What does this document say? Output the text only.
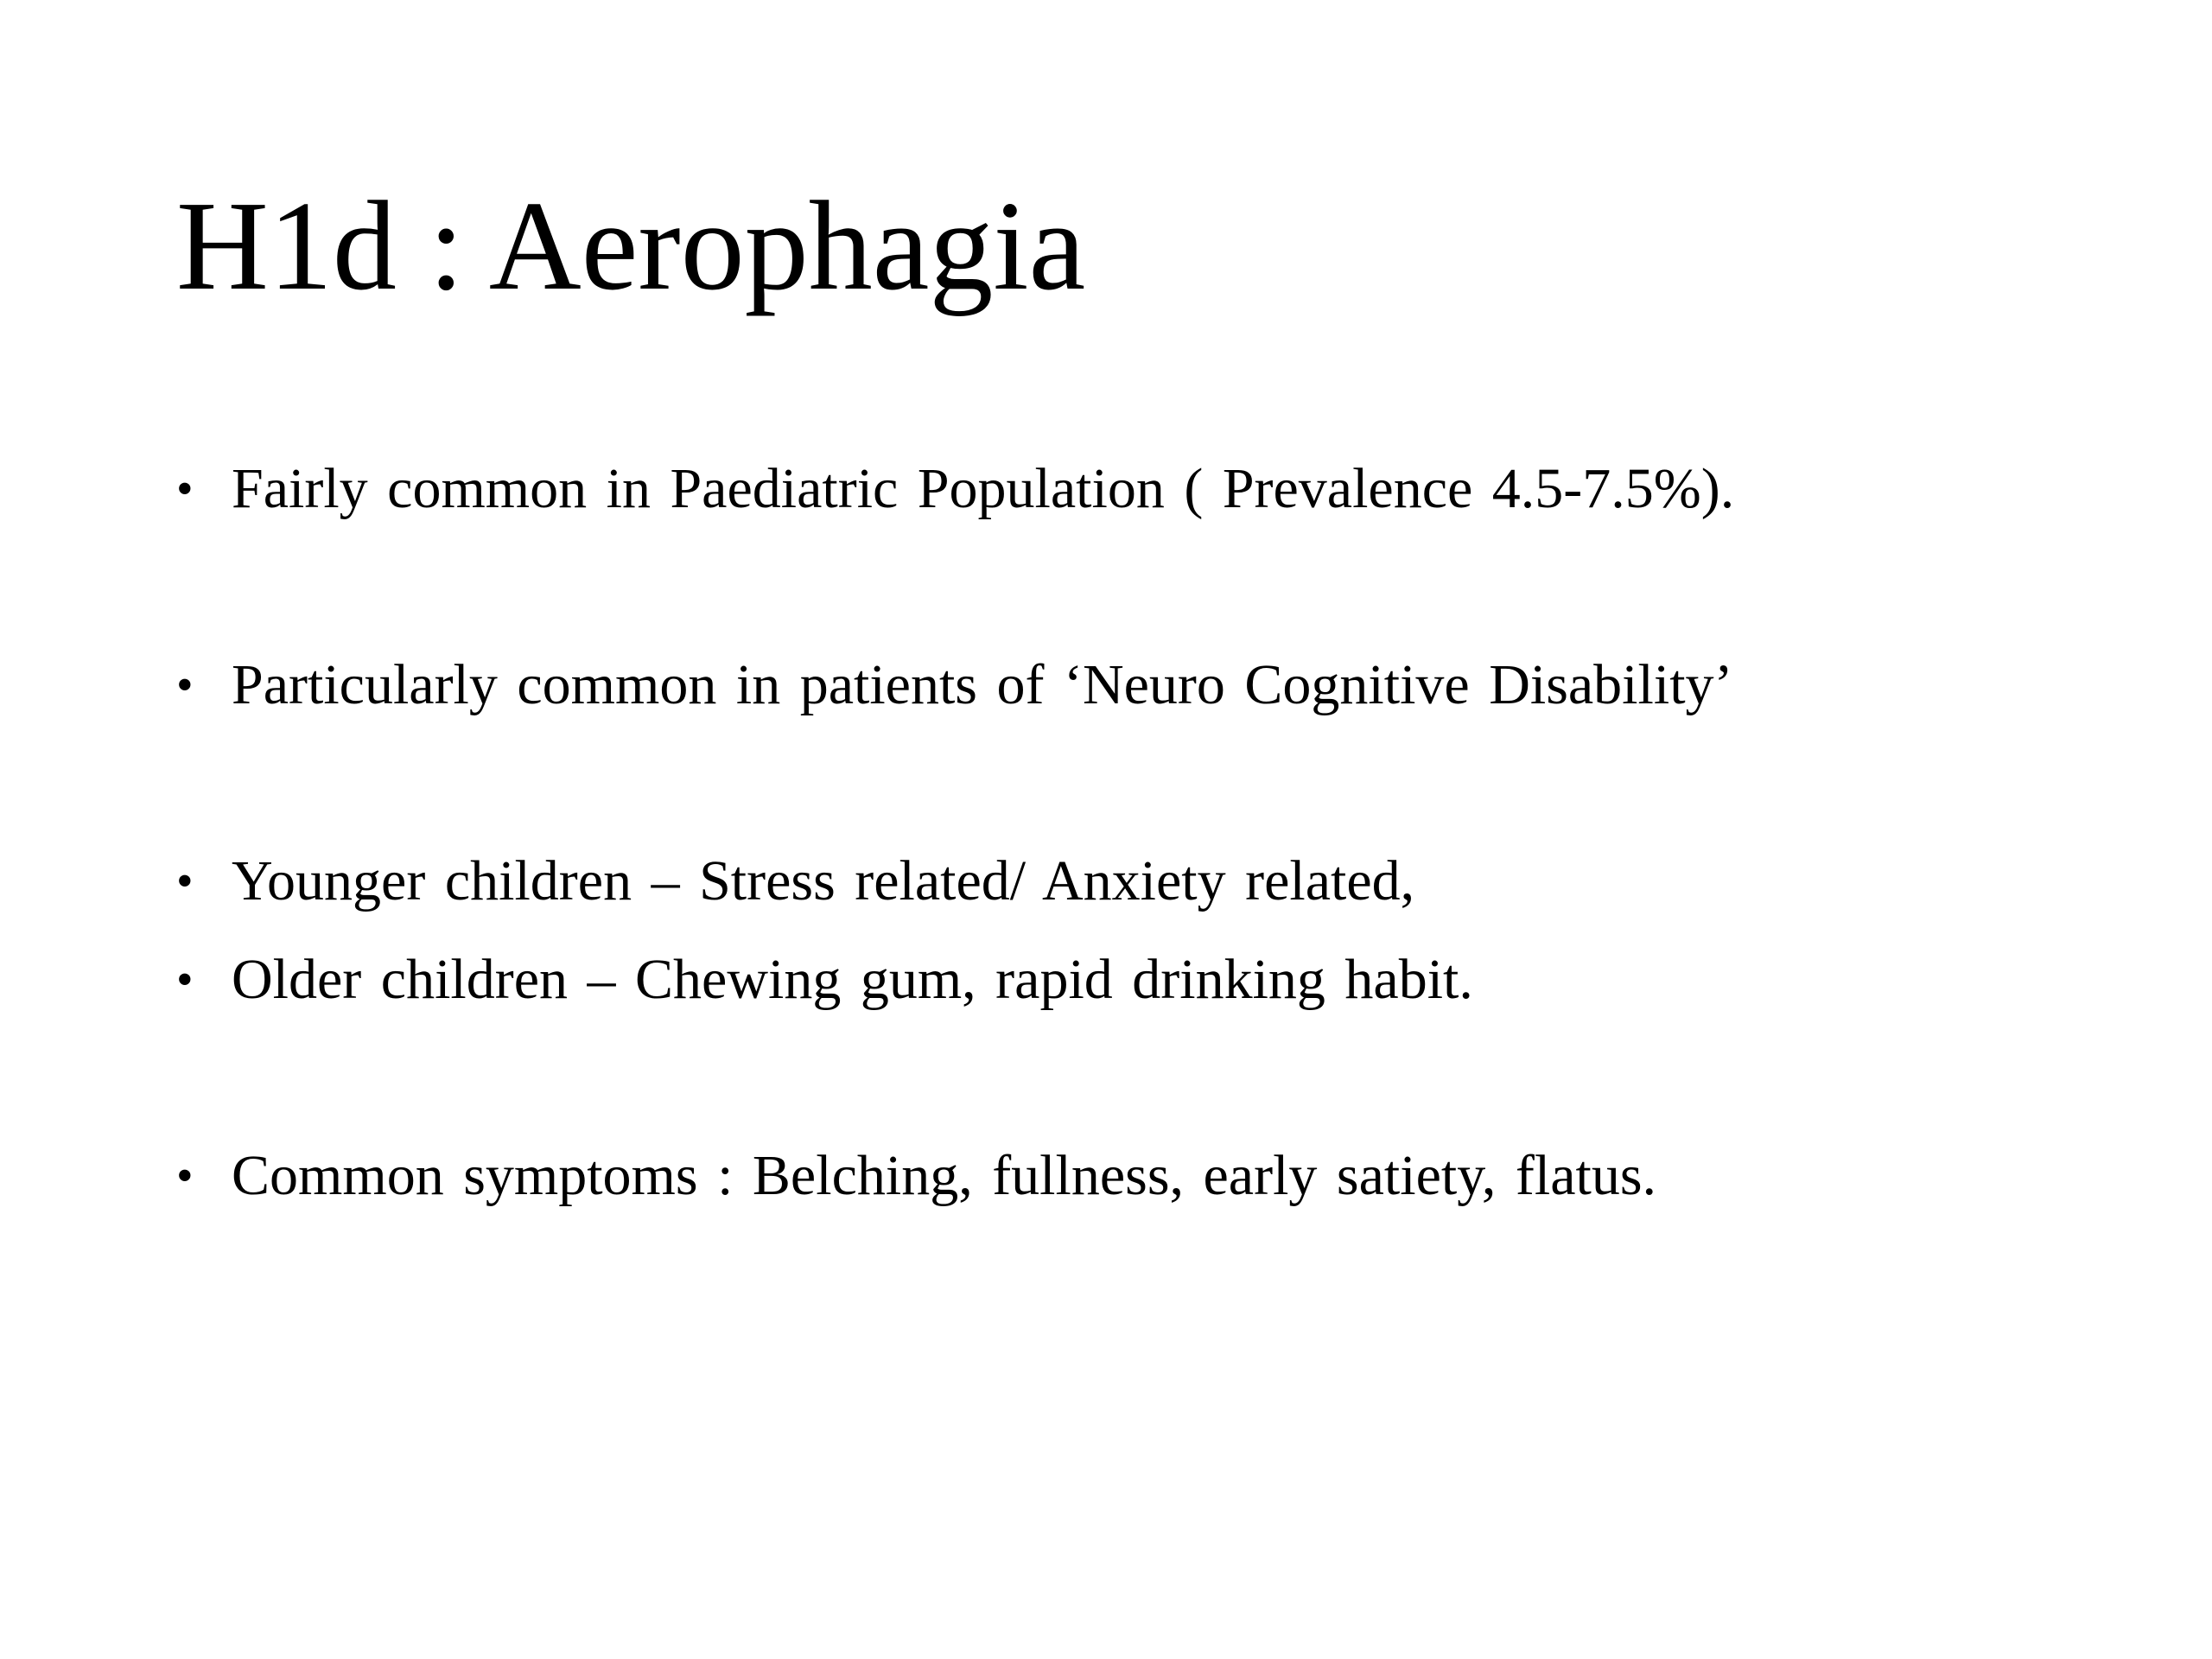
H1d : Aerophagia
• Fairly common in Paediatric Population ( Prevalence 4.5-7.5%).
• Particularly common in patients of ‘Neuro Cognitive Disability’
• Younger children – Stress related/ Anxiety related,
• Older children – Chewing gum, rapid drinking habit.
• Common symptoms : Belching, fullness, early satiety, flatus.
